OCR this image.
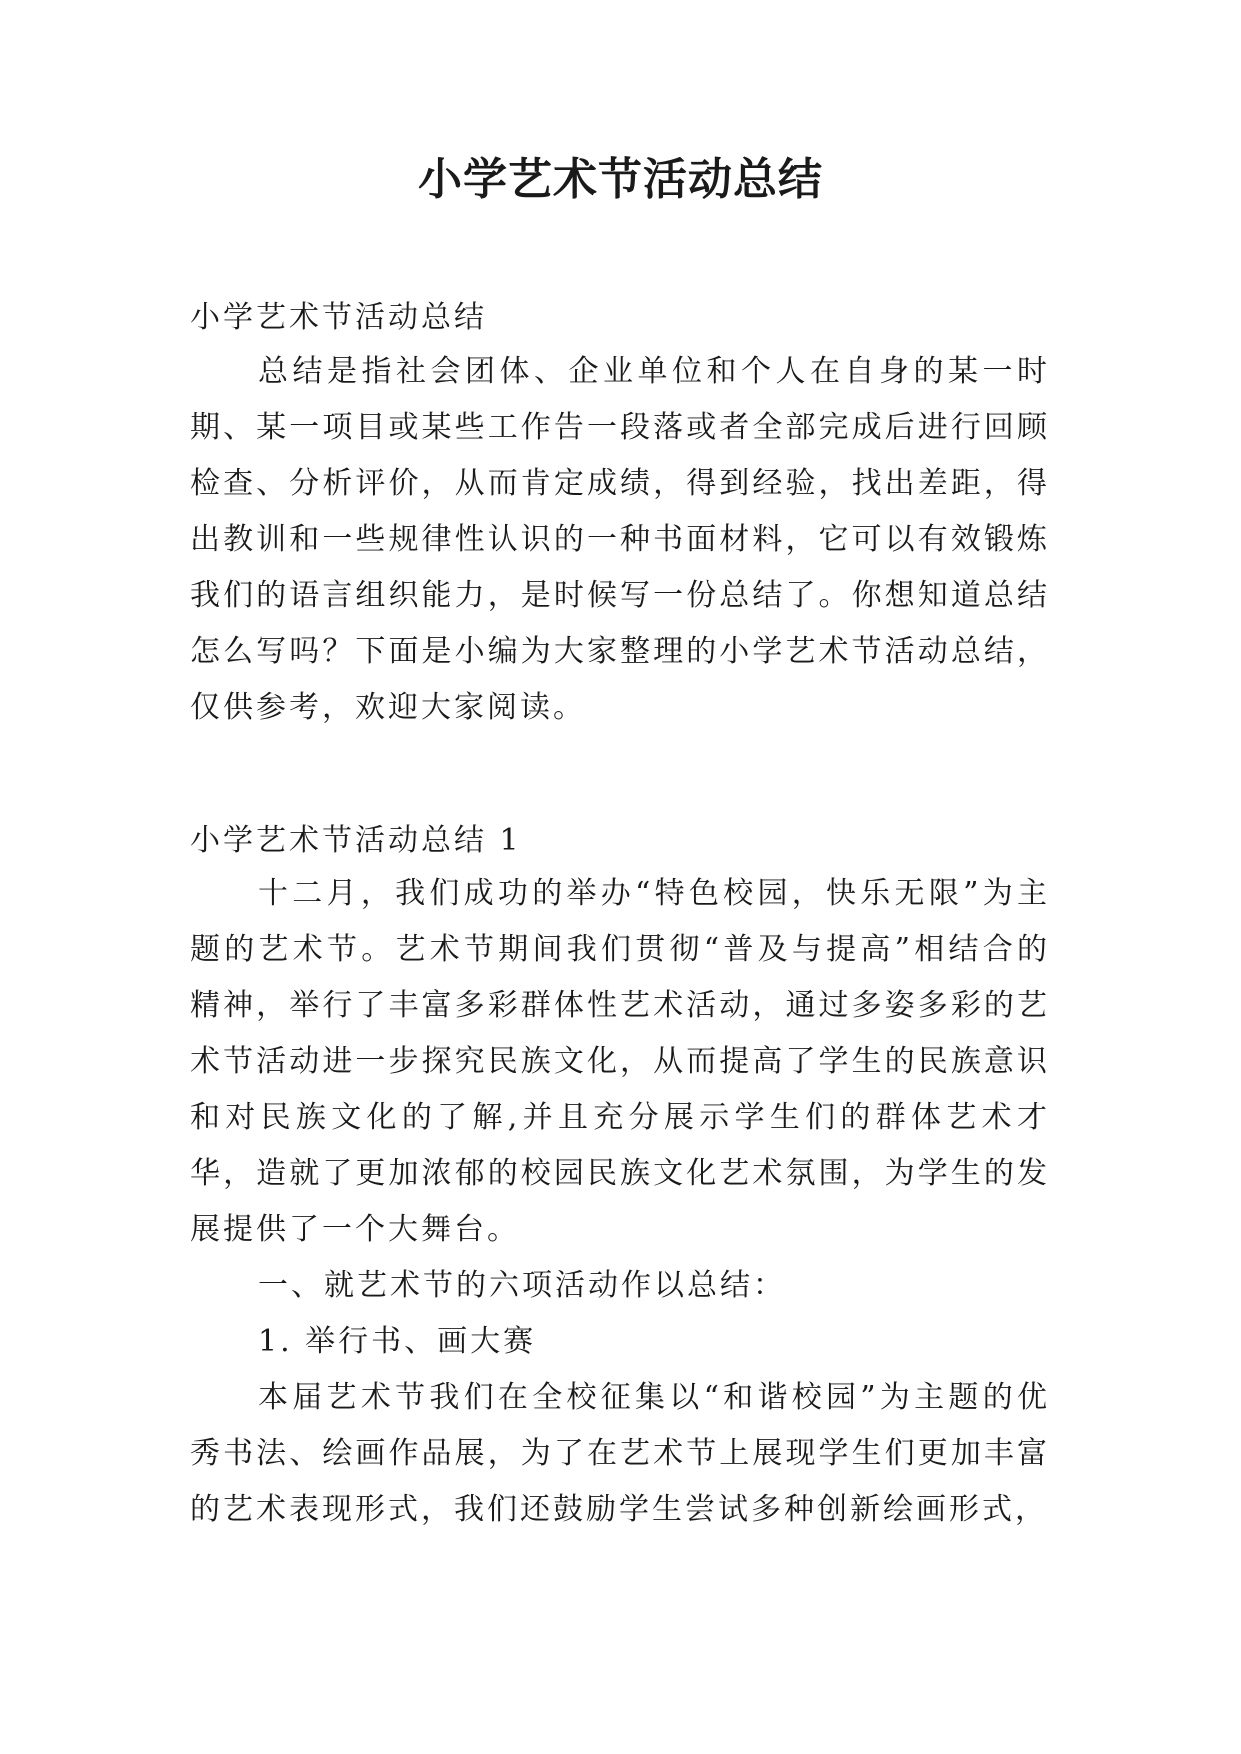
小学艺术节活动总结

小学艺术节活动总结

总结是指社会团体、企业单位和个人在自身的某一时期、某一项目或某些工作告一段落或者全部完成后进行回顾检查、分析评价，从而肯定成绩，得到经验，找出差距，得出教训和一些规律性认识的一种书面材料，它可以有效锻炼我们的语言组织能力，是时候写一份总结了。你想知道总结怎么写吗？下面是小编为大家整理的小学艺术节活动总结，仅供参考，欢迎大家阅读。

小学艺术节活动总结 1

十二月，我们成功的举办“特色校园，快乐无限”为主题的艺术节。艺术节期间我们贯彻“普及与提高”相结合的精神，举行了丰富多彩群体性艺术活动，通过多姿多彩的艺术节活动进一步探究民族文化，从而提高了学生的民族意识和对民族文化的了解,并且充分展示学生们的群体艺术才华，造就了更加浓郁的校园民族文化艺术氛围，为学生的发展提供了一个大舞台。

一、就艺术节的六项活动作以总结：

1. 举行书、画大赛

本届艺术节我们在全校征集以“和谐校园”为主题的优秀书法、绘画作品展，为了在艺术节上展现学生们更加丰富的艺术表现形式，我们还鼓励学生尝试多种创新绘画形式，
